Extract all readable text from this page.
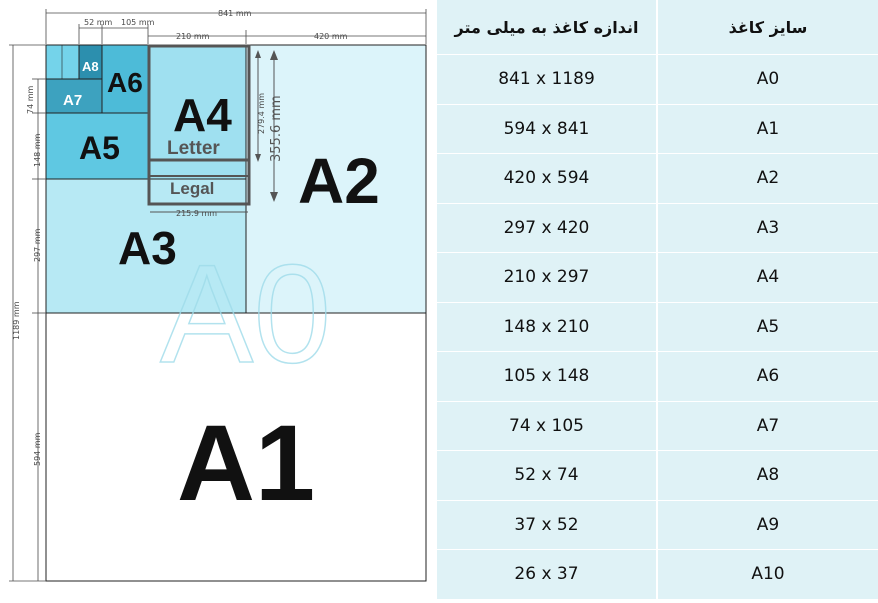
A0
A1
A2
A3
A4
Letter
Legal
A5
A6
A7
A8
841 mm
52 mm 105 mm
210 mm	420 mm
1189 mm
74 mm
148 mm
297 mm
594 mm
279.4 mm 355.6 mm
215.9 mm
اندازه کاغذ به میلی متر	سایز کاغذ
841 x 1189	A0
594 x 841	A1
420 x 594	A2
297 x 420	A3
210 x 297	A4
148 x 210	A5
105 x 148	A6
74 x 105	A7
52 x 74	A8
37 x 52	A9
26 x 37	A10
